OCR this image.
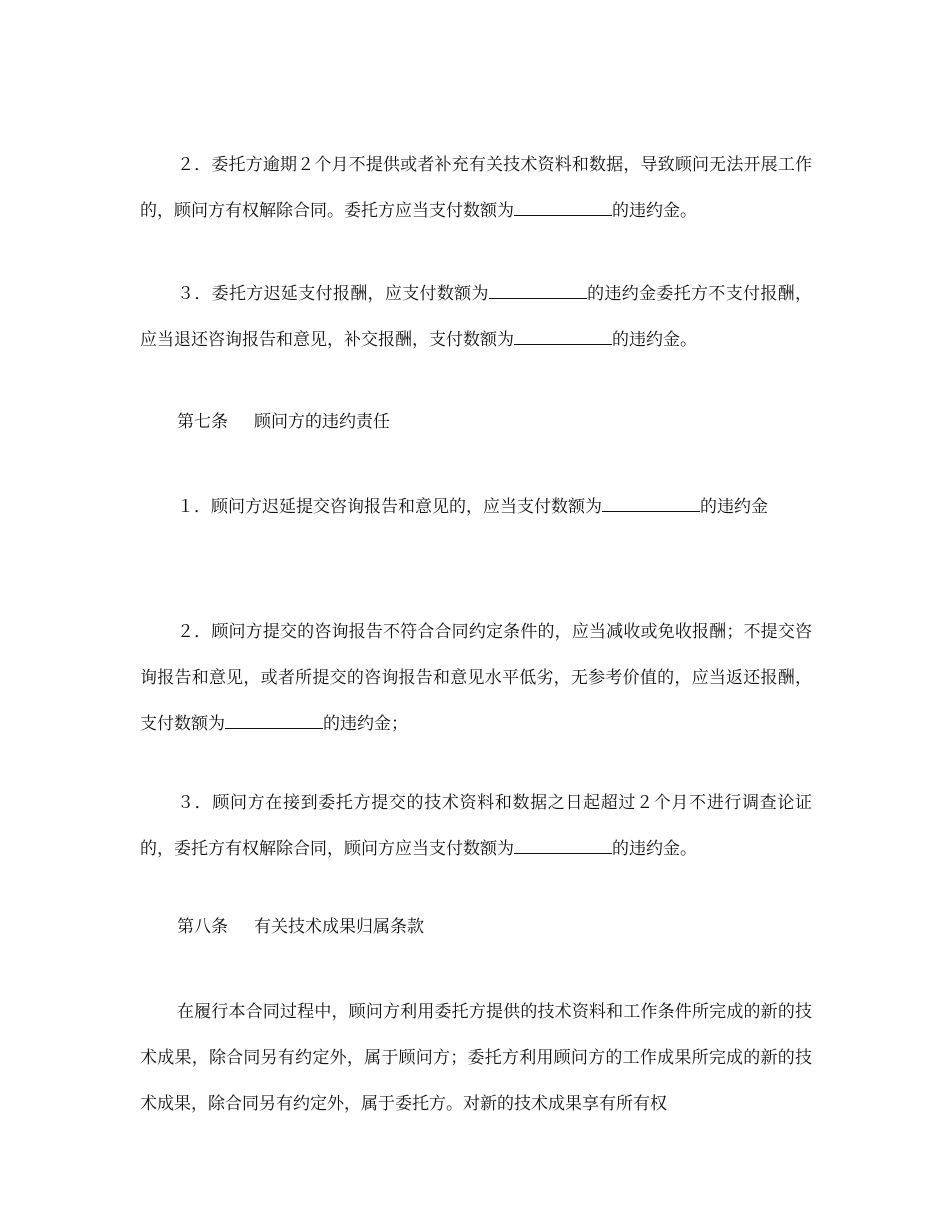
２．委托方逾期２个月不提供或者补充有关技术资料和数据，导致顾问无法开展工作的，顾问方有权解除合同。委托方应当支付数额为	的违约金。

３．委托方迟延支付报酬，应支付数额为	的违约金委托方不支付报酬，应当退还咨询报告和意见，补交报酬，支付数额为	的违约金。

第七条 顾问方的违约责任

１．顾问方迟延提交咨询报告和意见的，应当支付数额为	的违约金

２．顾问方提交的咨询报告不符合合同约定条件的，应当减收或免收报酬；不提交咨询报告和意见，或者所提交的咨询报告和意见水平低劣，无参考价值的，应当返还报酬，支付数额为	的违约金；

３．顾问方在接到委托方提交的技术资料和数据之日起超过２个月不进行调查论证的，委托方有权解除合同，顾问方应当支付数额为	的违约金。

第八条 有关技术成果归属条款

在履行本合同过程中，顾问方利用委托方提供的技术资料和工作条件所完成的新的技术成果，除合同另有约定外，属于顾问方；委托方利用顾问方的工作成果所完成的新的技术成果，除合同另有约定外，属于委托方。对新的技术成果享有所有权
